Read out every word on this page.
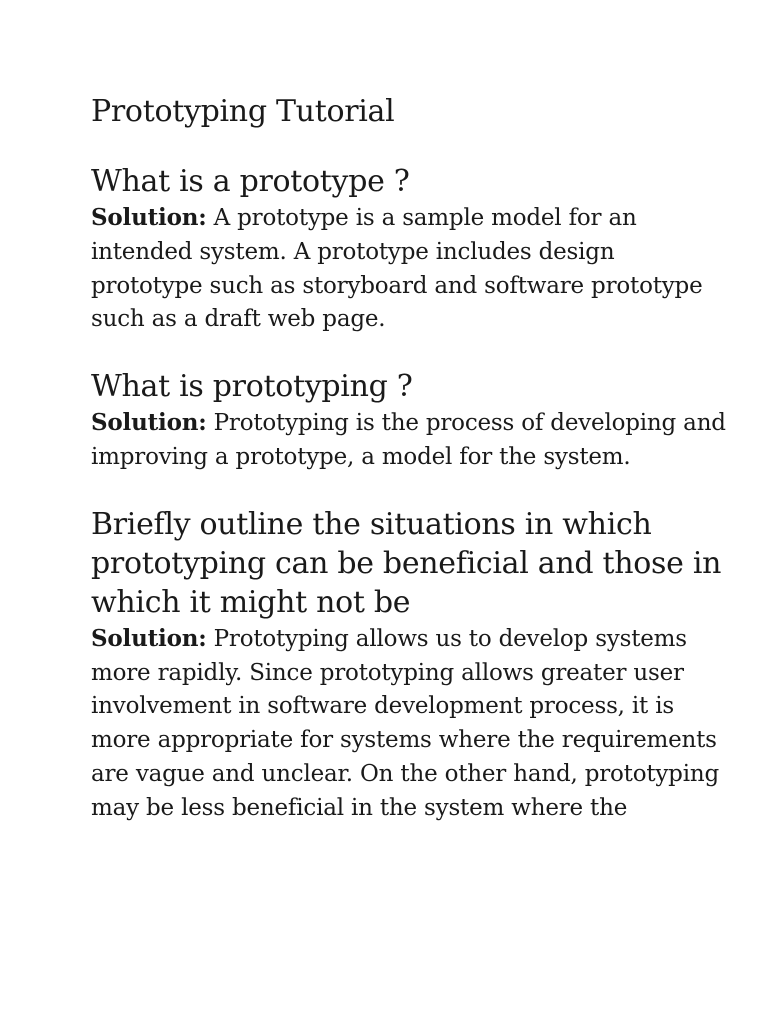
Prototyping Tutorial
What is a prototype ?

Solution: A prototype is a sample model for an intended system. A prototype includes design prototype such as storyboard and software prototype such as a draft web page.

What is prototyping ?

Solution: Prototyping is the process of developing and improving a prototype, a model for the system.

Briefly outline the situations in which prototyping can be beneficial and those in which it might not be

Solution: Prototyping allows us to develop systems more rapidly. Since prototyping allows greater user involvement in software development process, it is more appropriate for systems where the requirements are vague and unclear. On the other hand, prototyping may be less beneficial in the system where the
